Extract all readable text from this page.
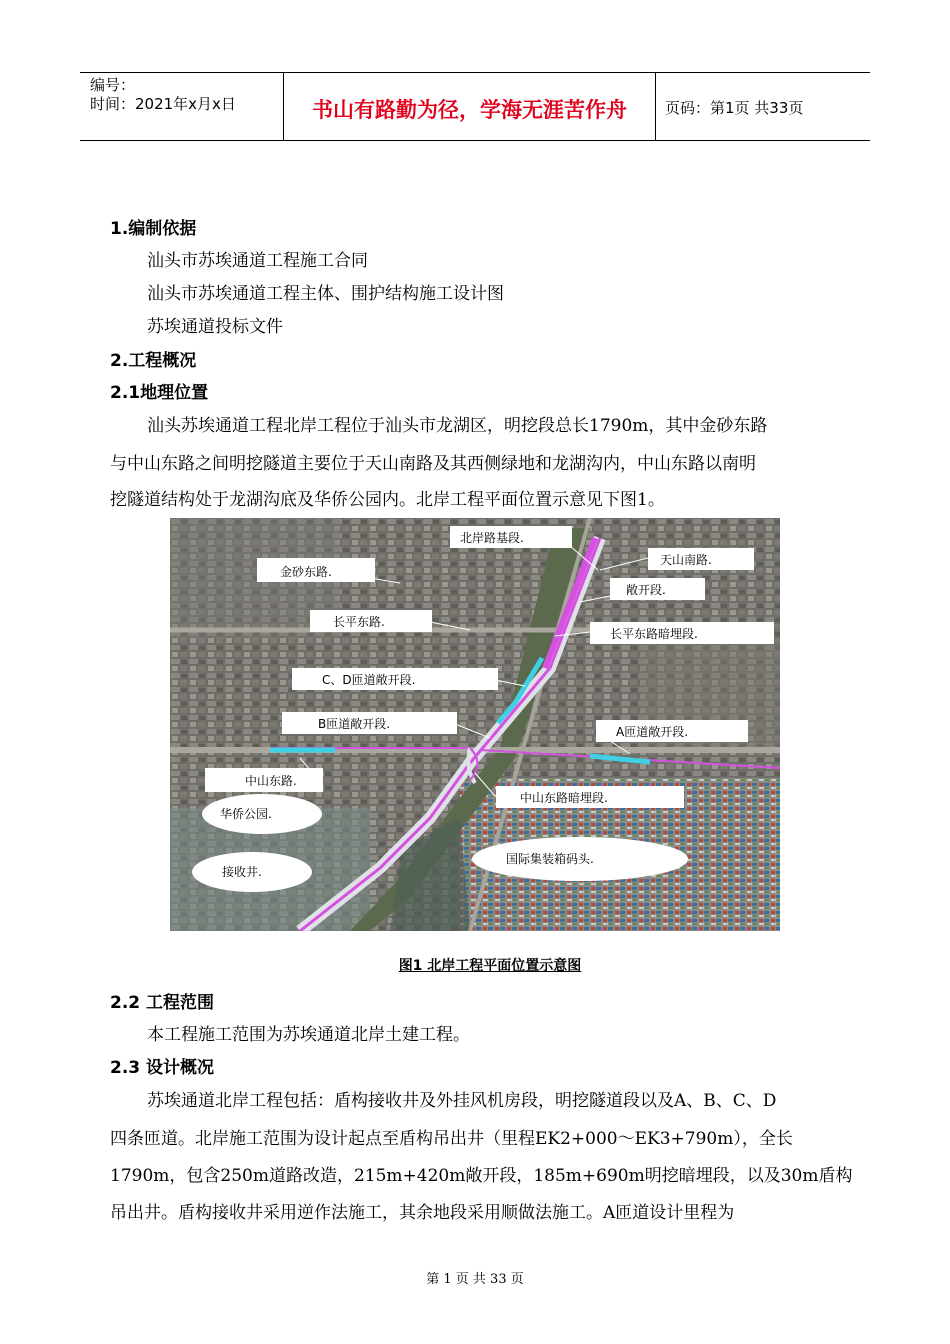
编号：
时间：2021年x月x日	书山有路勤为径，学海无涯苦作舟	页码：第1页 共33页
1.编制依据
汕头市苏埃通道工程施工合同
汕头市苏埃通道工程主体、围护结构施工设计图
苏埃通道投标文件
2.工程概况
2.1地理位置
汕头苏埃通道工程北岸工程位于汕头市龙湖区，明挖段总长1790m，其中金砂东路
与中山东路之间明挖隧道主要位于天山南路及其西侧绿地和龙湖沟内，中山东路以南明
挖隧道结构处于龙湖沟底及华侨公园内。北岸工程平面位置示意见下图1。
北岸路基段.
天山南路.
金砂东路.
敞开段.
长平东路.
长平东路暗埋段.
C、D匝道敞开段.
B匝道敞开段.
A匝道敞开段.
中山东路.
中山东路暗埋段.
华侨公园.
接收井.
国际集装箱码头.
图1 北岸工程平面位置示意图
2.2 工程范围
本工程施工范围为苏埃通道北岸土建工程。
2.3 设计概况
苏埃通道北岸工程包括：盾构接收井及外挂风机房段，明挖隧道段以及A、B、C、D
四条匝道。北岸施工范围为设计起点至盾构吊出井（里程EK2+000～EK3+790m），全长
1790m，包含250m道路改造，215m+420m敞开段，185m+690m明挖暗埋段，以及30m盾构
吊出井。盾构接收井采用逆作法施工，其余地段采用顺做法施工。A匝道设计里程为
第 1 页 共 33 页
